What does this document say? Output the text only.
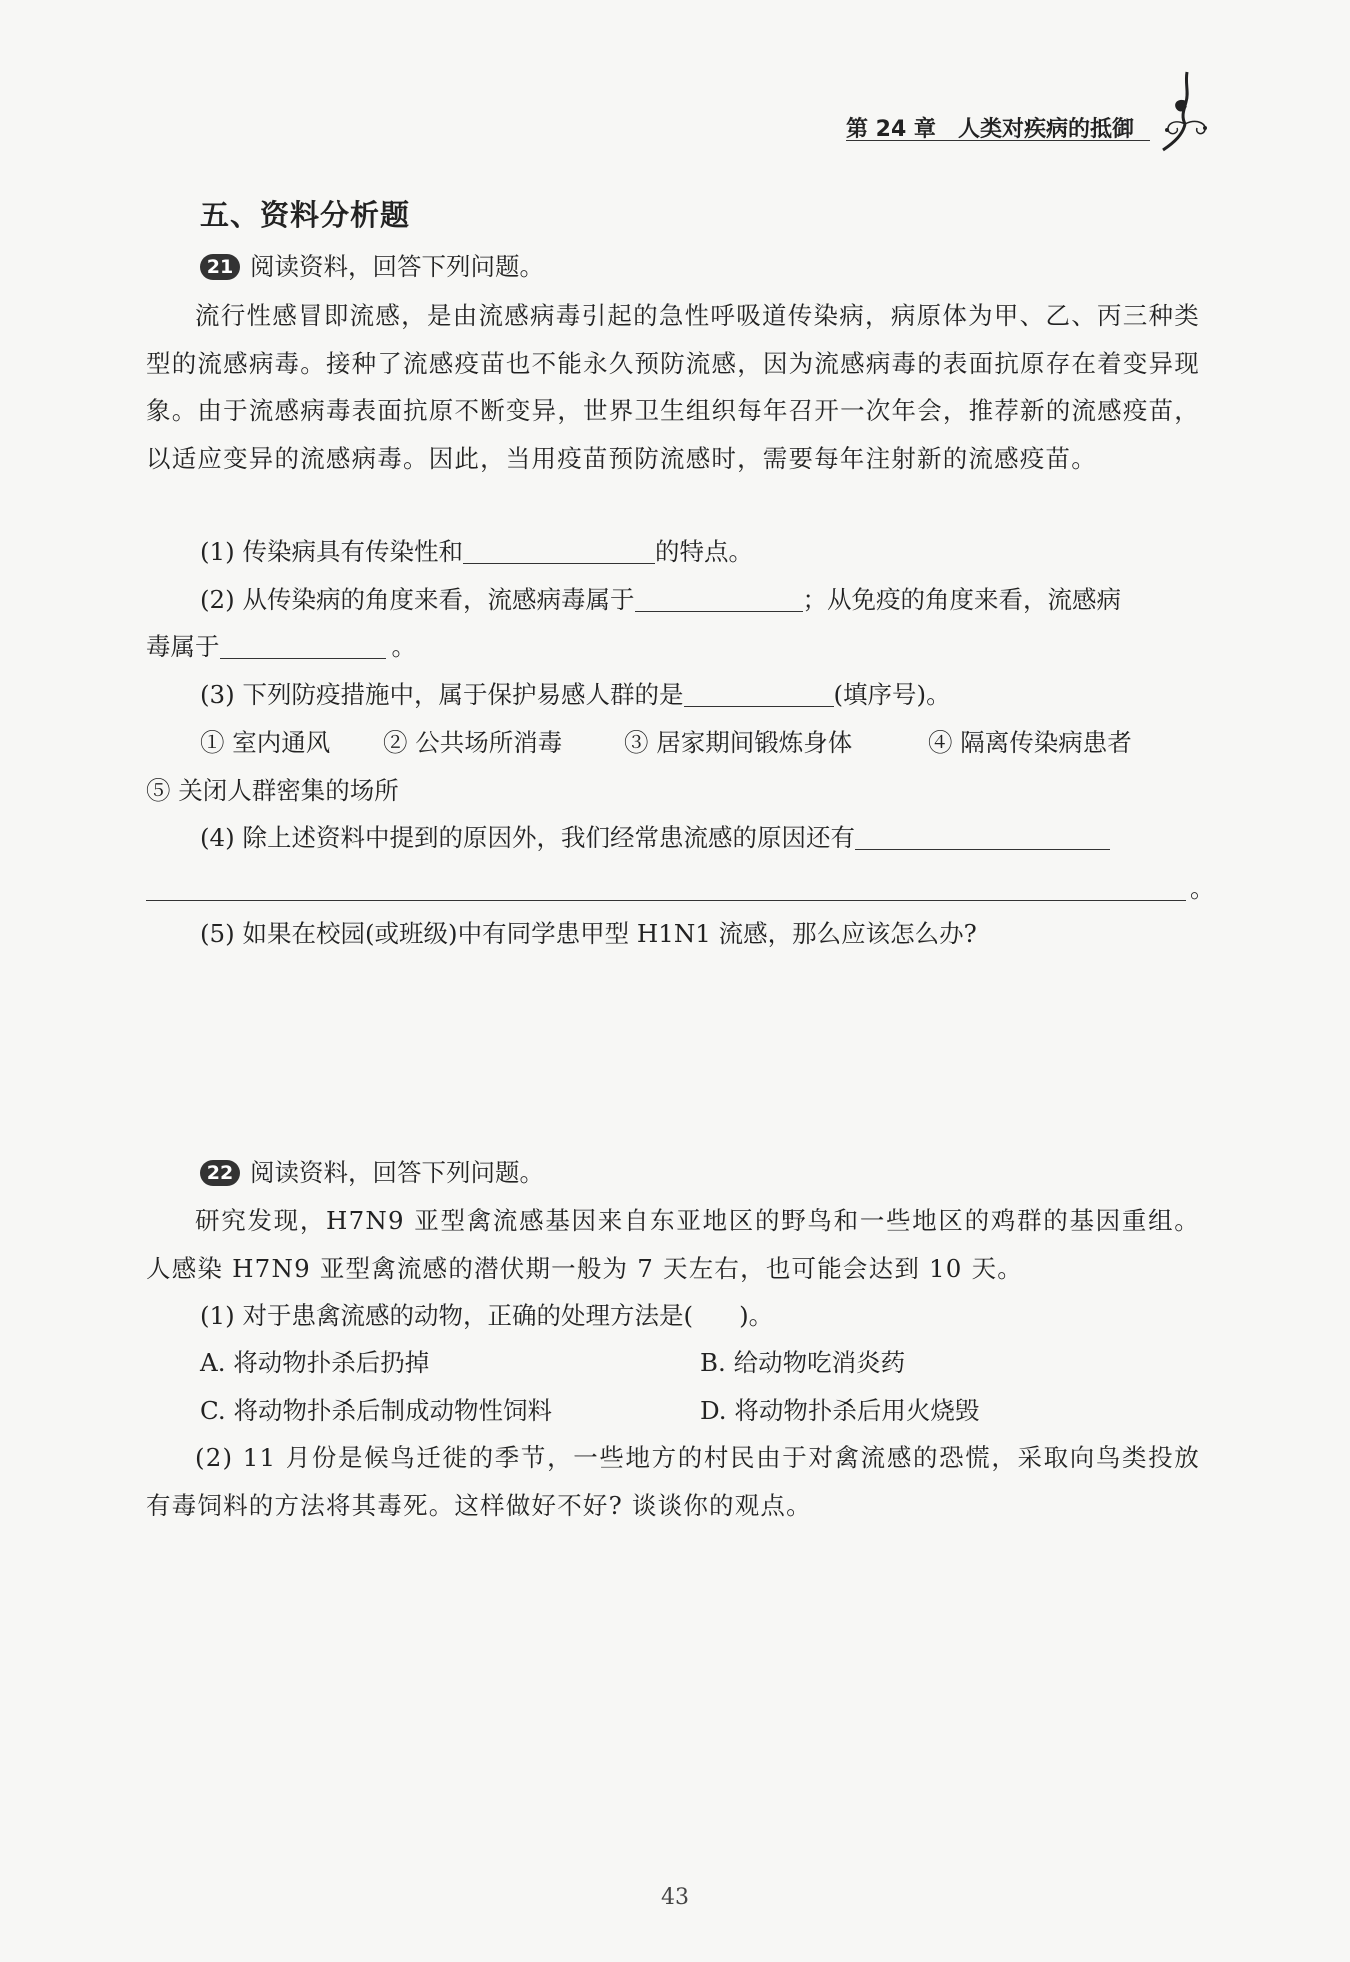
第 24 章 人类对疾病的抵御
五、资料分析题
21 阅读资料，回答下列问题。
流行性感冒即流感，是由流感病毒引起的急性呼吸道传染病，病原体为甲、乙、丙三种类型的流感病毒。接种了流感疫苗也不能永久预防流感，因为流感病毒的表面抗原存在着变异现象。由于流感病毒表面抗原不断变异，世界卫生组织每年召开一次年会，推荐新的流感疫苗，以适应变异的流感病毒。因此，当用疫苗预防流感时，需要每年注射新的流感疫苗。
(1) 传染病具有传染性和	的特点。
(2) 从传染病的角度来看，流感病毒属于	；从免疫的角度来看，流感病
毒属于	。
(3) 下列防疫措施中，属于保护易感人群的是	(填序号)。
① 室内通风 ② 公共场所消毒	③ 居家期间锻炼身体	④ 隔离传染病患者
⑤ 关闭人群密集的场所
(4) 除上述资料中提到的原因外，我们经常患流感的原因还有
。
(5) 如果在校园(或班级)中有同学患甲型 H1N1 流感，那么应该怎么办?
22 阅读资料，回答下列问题。
研究发现，H7N9 亚型禽流感基因来自东亚地区的野鸟和一些地区的鸡群的基因重组。人感染 H7N9 亚型禽流感的潜伏期一般为 7 天左右，也可能会达到 10 天。
(1) 对于患禽流感的动物，正确的处理方法是( )。
A. 将动物扑杀后扔掉	B. 给动物吃消炎药
C. 将动物扑杀后制成动物性饲料	D. 将动物扑杀后用火烧毁
(2) 11 月份是候鸟迁徙的季节，一些地方的村民由于对禽流感的恐慌，采取向鸟类投放有毒饲料的方法将其毒死。这样做好不好? 谈谈你的观点。
43
